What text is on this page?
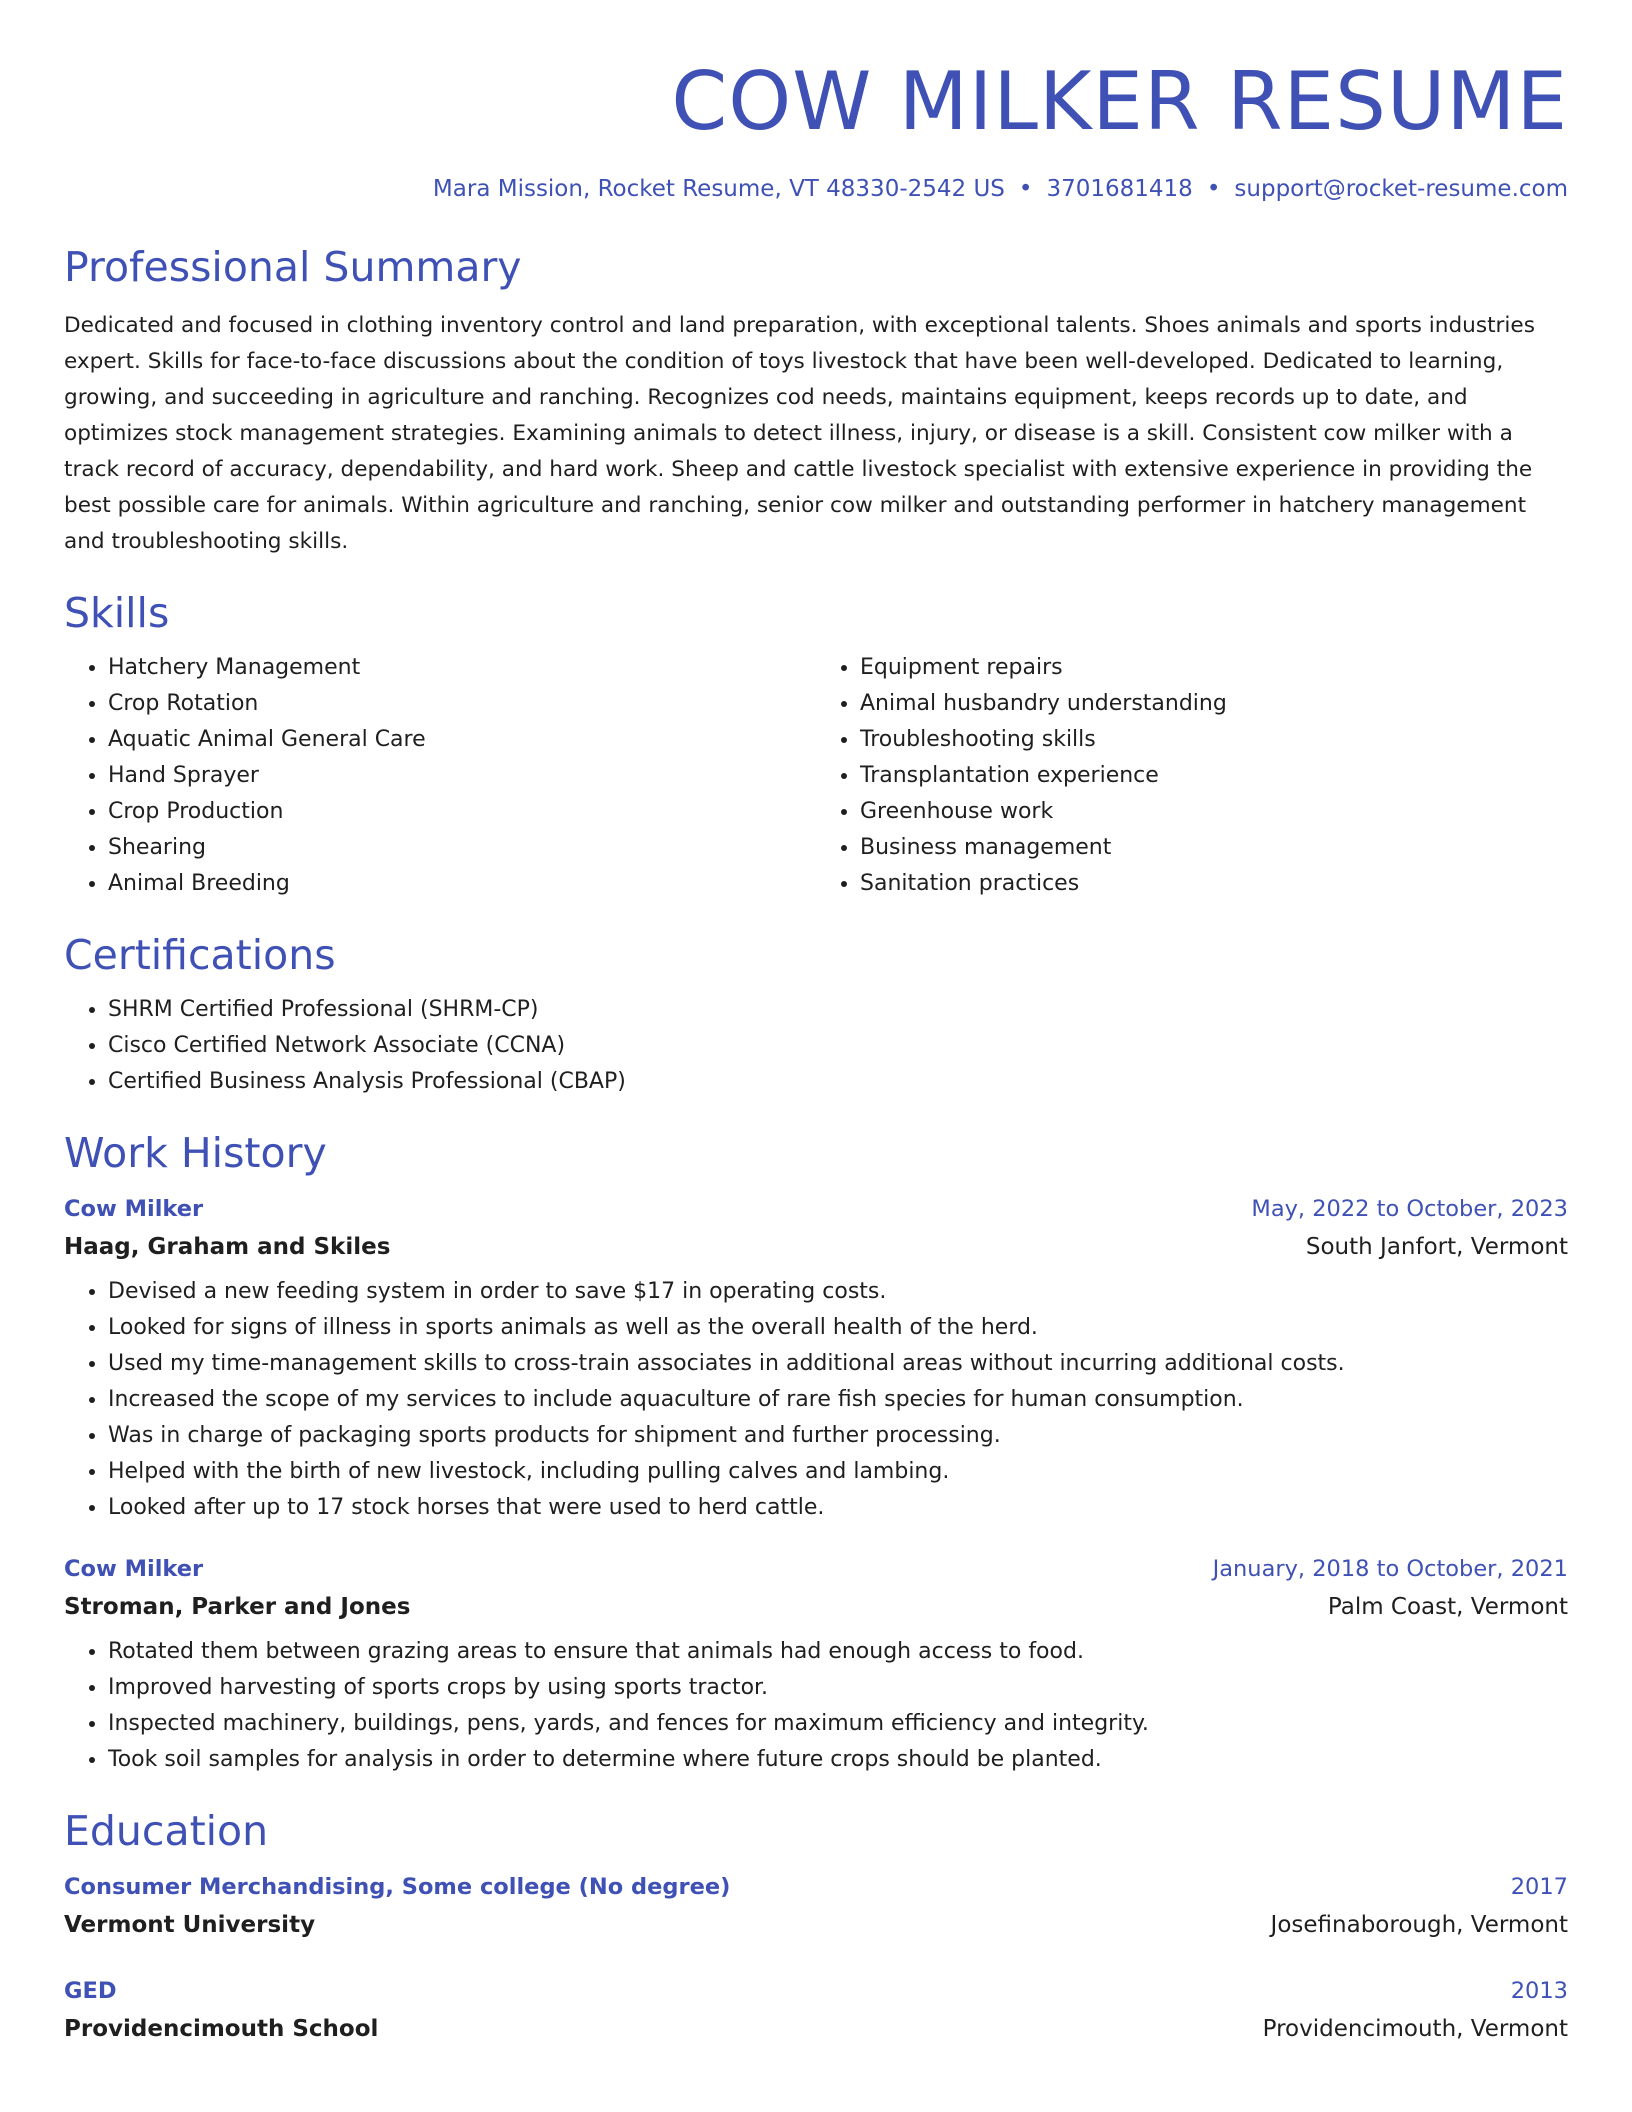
COW MILKER RESUME
Mara Mission, Rocket Resume, VT 48330-2542 US • 3701681418 • support@rocket-resume.com
Professional Summary

Dedicated and focused in clothing inventory control and land preparation, with exceptional talents. Shoes animals and sports industries expert. Skills for face-to-face discussions about the condition of toys livestock that have been well-developed. Dedicated to learning, growing, and succeeding in agriculture and ranching. Recognizes cod needs, maintains equipment, keeps records up to date, and optimizes stock management strategies. Examining animals to detect illness, injury, or disease is a skill. Consistent cow milker with a track record of accuracy, dependability, and hard work. Sheep and cattle livestock specialist with extensive experience in providing the best possible care for animals. Within agriculture and ranching, senior cow milker and outstanding performer in hatchery management and troubleshooting skills.

Skills
• Hatchery Management
• Crop Rotation
• Aquatic Animal General Care
• Hand Sprayer
• Crop Production
• Shearing
• Animal Breeding
• Equipment repairs
• Animal husbandry understanding
• Troubleshooting skills
• Transplantation experience
• Greenhouse work
• Business management
• Sanitation practices
Certifications
• SHRM Certified Professional (SHRM-CP)
• Cisco Certified Network Associate (CCNA)
• Certified Business Analysis Professional (CBAP)
Work History
Cow Milker	May, 2022 to October, 2023
Haag, Graham and Skiles	South Janfort, Vermont
• Devised a new feeding system in order to save $17 in operating costs.
• Looked for signs of illness in sports animals as well as the overall health of the herd.
• Used my time-management skills to cross-train associates in additional areas without incurring additional costs.
• Increased the scope of my services to include aquaculture of rare fish species for human consumption.
• Was in charge of packaging sports products for shipment and further processing.
• Helped with the birth of new livestock, including pulling calves and lambing.
• Looked after up to 17 stock horses that were used to herd cattle.
Cow Milker	January, 2018 to October, 2021
Stroman, Parker and Jones	Palm Coast, Vermont
• Rotated them between grazing areas to ensure that animals had enough access to food.
• Improved harvesting of sports crops by using sports tractor.
• Inspected machinery, buildings, pens, yards, and fences for maximum efficiency and integrity.
• Took soil samples for analysis in order to determine where future crops should be planted.
Education
Consumer Merchandising, Some college (No degree)	2017
Vermont University	Josefinaborough, Vermont
GED	2013
Providencimouth School	Providencimouth, Vermont
